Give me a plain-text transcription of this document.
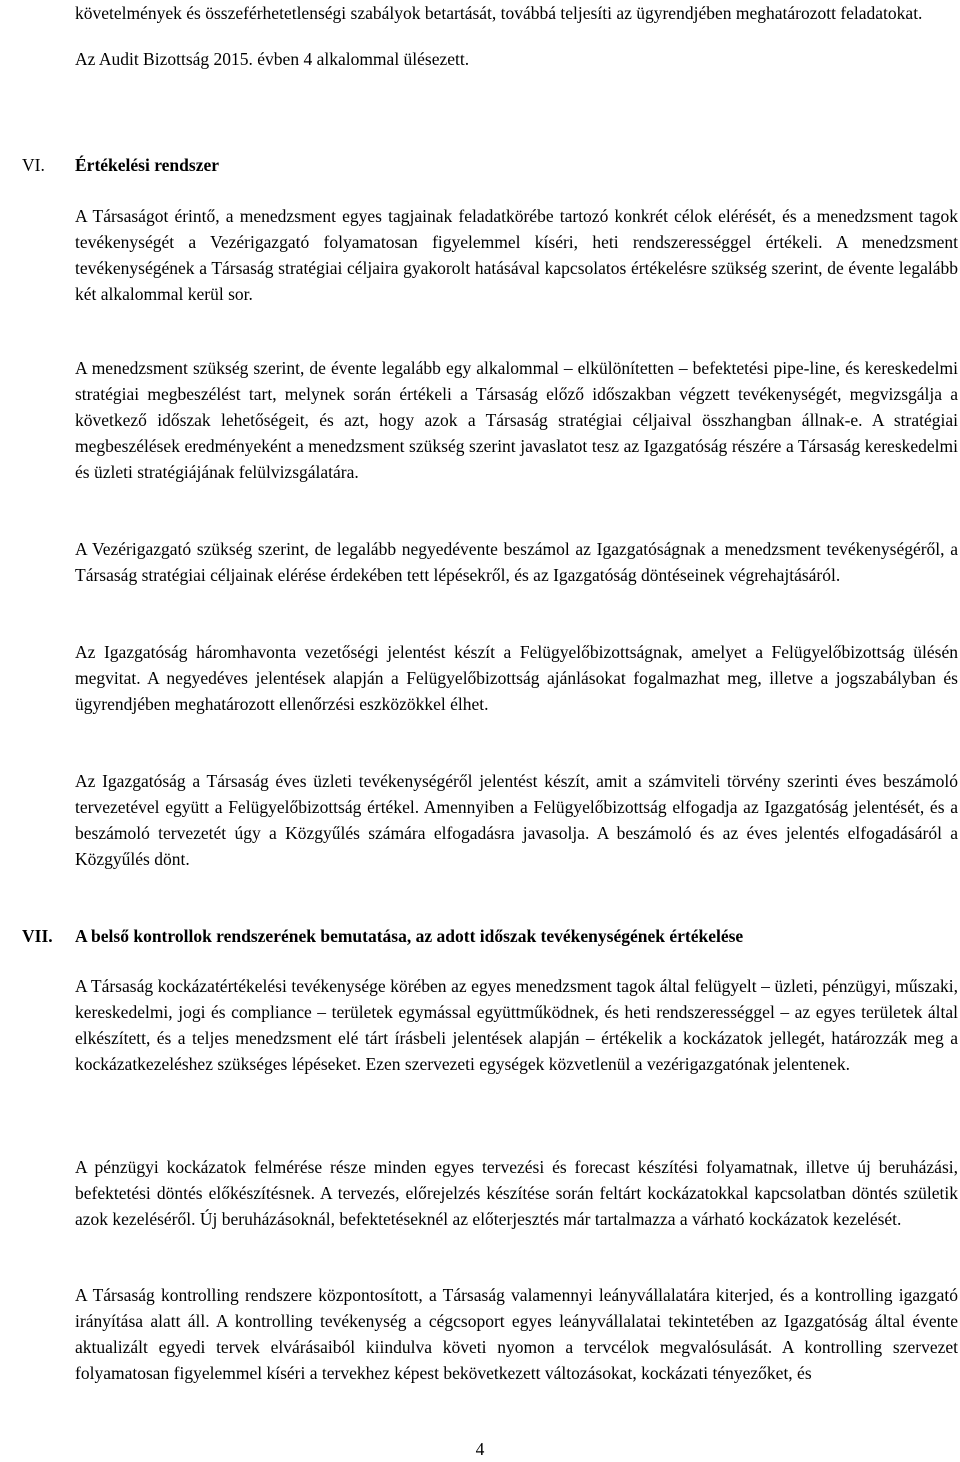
követelmények és összeférhetetlenségi szabályok betartását, továbbá teljesíti az ügyrendjében meghatározott feladatokat.

Az Audit Bizottság 2015. évben 4 alkalommal ülésezett.

VI. Értékelési rendszer

A Társaságot érintő, a menedzsment egyes tagjainak feladatkörébe tartozó konkrét célok elérését, és a menedzsment tagok tevékenységét a Vezérigazgató folyamatosan figyelemmel kíséri, heti rendszerességgel értékeli. A menedzsment tevékenységének a Társaság stratégiai céljaira gyakorolt hatásával kapcsolatos értékelésre szükség szerint, de évente legalább két alkalommal kerül sor.

A menedzsment szükség szerint, de évente legalább egy alkalommal – elkülönítetten – befektetési pipe-line, és kereskedelmi stratégiai megbeszélést tart, melynek során értékeli a Társaság előző időszakban végzett tevékenységét, megvizsgálja a következő időszak lehetőségeit, és azt, hogy azok a Társaság stratégiai céljaival összhangban állnak-e. A stratégiai megbeszélések eredményeként a menedzsment szükség szerint javaslatot tesz az Igazgatóság részére a Társaság kereskedelmi és üzleti stratégiájának felülvizsgálatára.

A Vezérigazgató szükség szerint, de legalább negyedévente beszámol az Igazgatóságnak a menedzsment tevékenységéről, a Társaság stratégiai céljainak elérése érdekében tett lépésekről, és az Igazgatóság döntéseinek végrehajtásáról.

Az Igazgatóság háromhavonta vezetőségi jelentést készít a Felügyelőbizottságnak, amelyet a Felügyelőbizottság ülésén megvitat. A negyedéves jelentések alapján a Felügyelőbizottság ajánlásokat fogalmazhat meg, illetve a jogszabályban és ügyrendjében meghatározott ellenőrzési eszközökkel élhet.

Az Igazgatóság a Társaság éves üzleti tevékenységéről jelentést készít, amit a számviteli törvény szerinti éves beszámoló tervezetével együtt a Felügyelőbizottság értékel. Amennyiben a Felügyelőbizottság elfogadja az Igazgatóság jelentését, és a beszámoló tervezetét úgy a Közgyűlés számára elfogadásra javasolja. A beszámoló és az éves jelentés elfogadásáról a Közgyűlés dönt.

VII. A belső kontrollok rendszerének bemutatása, az adott időszak tevékenységének értékelése

A Társaság kockázatértékelési tevékenysége körében az egyes menedzsment tagok által felügyelt – üzleti, pénzügyi, műszaki, kereskedelmi, jogi és compliance – területek egymással együttműködnek, és heti rendszerességgel – az egyes területek által elkészített, és a teljes menedzsment elé tárt írásbeli jelentések alapján – értékelik a kockázatok jellegét, határozzák meg a kockázatkezeléshez szükséges lépéseket. Ezen szervezeti egységek közvetlenül a vezérigazgatónak jelentenek.

A pénzügyi kockázatok felmérése része minden egyes tervezési és forecast készítési folyamatnak, illetve új beruházási, befektetési döntés előkészítésnek. A tervezés, előrejelzés készítése során feltárt kockázatokkal kapcsolatban döntés születik azok kezeléséről. Új beruházásoknál, befektetéseknél az előterjesztés már tartalmazza a várható kockázatok kezelését.

A Társaság kontrolling rendszere központosított, a Társaság valamennyi leányvállalatára kiterjed, és a kontrolling igazgató irányítása alatt áll. A kontrolling tevékenység a cégcsoport egyes leányvállalatai tekintetében az Igazgatóság által évente aktualizált egyedi tervek elvárásaiból kiindulva követi nyomon a tervcélok megvalósulását. A kontrolling szervezet folyamatosan figyelemmel kíséri a tervekhez képest bekövetkezett változásokat, kockázati tényezőket, és

4
